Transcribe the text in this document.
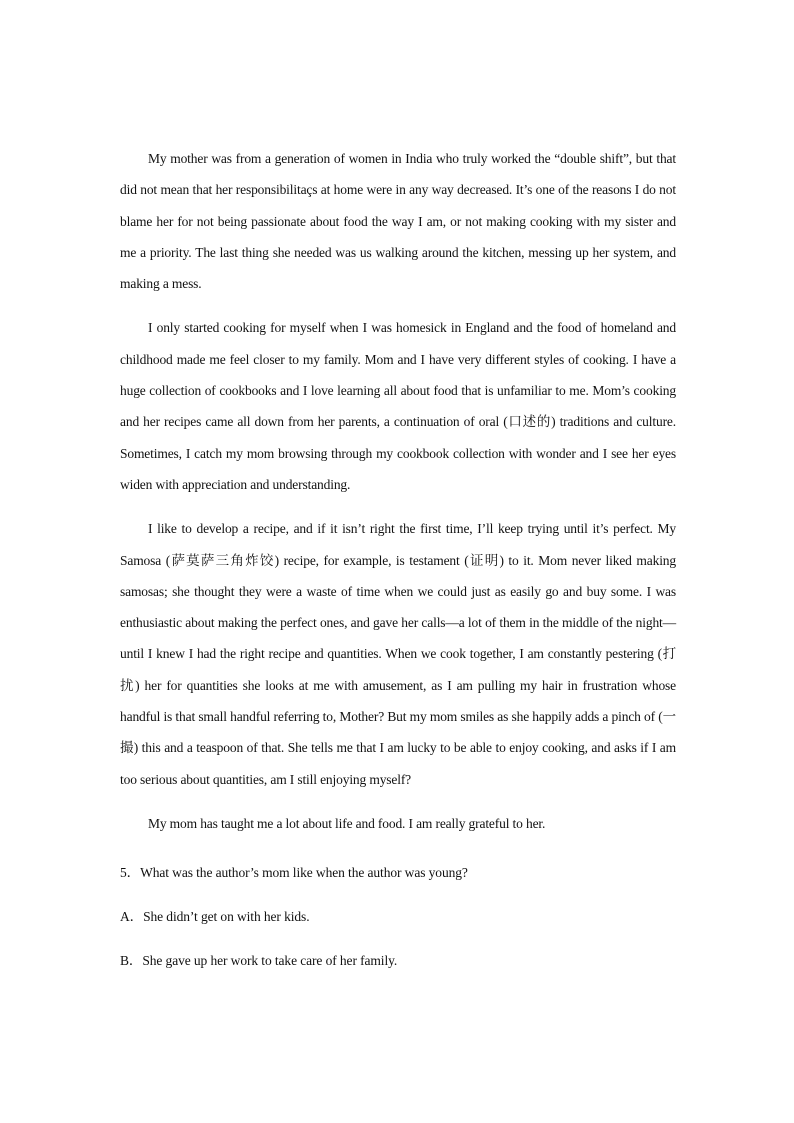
My mother was from a generation of women in India who truly worked the “double shift”, but that did not mean that her responsibilitaçs at home were in any way decreased. It’s one of the reasons I do not blame her for not being passionate about food the way I am, or not making cooking with my sister and me a priority. The last thing she needed was us walking around the kitchen, messing up her system, and making a mess.

I only started cooking for myself when I was homesick in England and the food of homeland and childhood made me feel closer to my family. Mom and I have very different styles of cooking. I have a huge collection of cookbooks and I love learning all about food that is unfamiliar to me. Mom’s cooking and her recipes came all down from her parents, a continuation of oral (口述的) traditions and culture. Sometimes, I catch my mom browsing through my cookbook collection with wonder and I see her eyes widen with appreciation and understanding.

I like to develop a recipe, and if it isn’t right the first time, I’ll keep trying until it’s perfect. My Samosa (萨莫萨三角炸饺) recipe, for example, is testament (证明) to it. Mom never liked making samosas; she thought they were a waste of time when we could just as easily go and buy some. I was enthusiastic about making the perfect ones, and gave her calls—a lot of them in the middle of the night—until I knew I had the right recipe and quantities. When we cook together, I am constantly pestering (打扰) her for quantities she looks at me with amusement, as I am pulling my hair in frustration whose handful is that small handful referring to, Mother? But my mom smiles as she happily adds a pinch of (一撮) this and a teaspoon of that. She tells me that I am lucky to be able to enjoy cooking, and asks if I am too serious about quantities, am I still enjoying myself?

My mom has taught me a lot about life and food. I am really grateful to her.

5．What was the author’s mom like when the author was young?

A．She didn’t get on with her kids.

B．She gave up her work to take care of her family.
